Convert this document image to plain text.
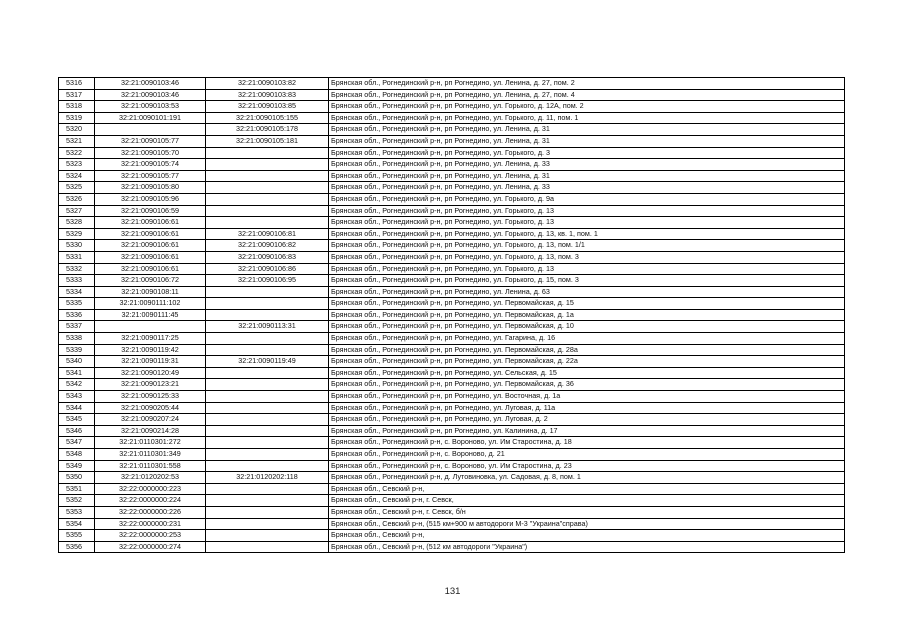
5316	32:21:0090103:46	32:21:0090103:82	Брянская обл., Рогнединский р-н, рп Рогнедино, ул. Ленина, д. 27, пом. 2
5317	32:21:0090103:46	32:21:0090103:83	Брянская обл., Рогнединский р-н, рп Рогнедино, ул. Ленина, д. 27, пом. 4
5318	32:21:0090103:53	32:21:0090103:85	Брянская обл., Рогнединский р-н, рп Рогнедино, ул. Горького, д. 12А, пом. 2
5319	32:21:0090101:191	32:21:0090105:155	Брянская обл., Рогнединский р-н, рп Рогнедино, ул. Горького, д. 11, пом. 1
5320		32:21:0090105:178	Брянская обл., Рогнединский р-н, рп Рогнедино, ул. Ленина, д. 31
5321	32:21:0090105:77	32:21:0090105:181	Брянская обл., Рогнединский р-н, рп Рогнедино, ул. Ленина, д. 31
5322	32:21:0090105:70		Брянская обл., Рогнединский р-н, рп Рогнедино, ул. Горького, д. 3
5323	32:21:0090105:74		Брянская обл., Рогнединский р-н, рп Рогнедино, ул. Ленина, д. 33
5324	32:21:0090105:77		Брянская обл., Рогнединский р-н, рп Рогнедино, ул. Ленина, д. 31
5325	32:21:0090105:80		Брянская обл., Рогнединский р-н, рп Рогнедино, ул. Ленина, д. 33
5326	32:21:0090105:96		Брянская обл., Рогнединский р-н, рп Рогнедино, ул. Горького, д. 9а
5327	32:21:0090106:59		Брянская обл., Рогнединский р-н, рп Рогнедино, ул. Горького, д. 13
5328	32:21:0090106:61		Брянская обл., Рогнединский р-н, рп Рогнедино, ул. Горького, д. 13
5329	32:21:0090106:61	32:21:0090106:81	Брянская обл., Рогнединский р-н, рп Рогнедино, ул. Горького, д. 13, кв. 1, пом. 1
5330	32:21:0090106:61	32:21:0090106:82	Брянская обл., Рогнединский р-н, рп Рогнедино, ул. Горького, д. 13, пом. 1/1
5331	32:21:0090106:61	32:21:0090106:83	Брянская обл., Рогнединский р-н, рп Рогнедино, ул. Горького, д. 13, пом. 3
5332	32:21:0090106:61	32:21:0090106:86	Брянская обл., Рогнединский р-н, рп Рогнедино, ул. Горького, д. 13
5333	32:21:0090106:72	32:21:0090106:95	Брянская обл., Рогнединский р-н, рп Рогнедино, ул. Горького, д. 15, пом. 3
5334	32:21:0090108:11		Брянская обл., Рогнединский р-н, рп Рогнедино, ул. Ленина, д. 63
5335	32:21:0090111:102		Брянская обл., Рогнединский р-н, рп Рогнедино, ул. Первомайская, д. 15
5336	32:21:0090111:45		Брянская обл., Рогнединский р-н, рп Рогнедино, ул. Первомайская, д. 1а
5337		32:21:0090113:31	Брянская обл., Рогнединский р-н, рп Рогнедино, ул. Первомайская, д. 10
5338	32:21:0090117:25		Брянская обл., Рогнединский р-н, рп Рогнедино, ул. Гагарина, д. 16
5339	32:21:0090119:42		Брянская обл., Рогнединский р-н, рп Рогнедино, ул. Первомайская, д. 28а
5340	32:21:0090119:31	32:21:0090119:49	Брянская обл., Рогнединский р-н, рп Рогнедино, ул. Первомайская, д. 22а
5341	32:21:0090120:49		Брянская обл., Рогнединский р-н, рп Рогнедино, ул. Сельская, д. 15
5342	32:21:0090123:21		Брянская обл., Рогнединский р-н, рп Рогнедино, ул. Первомайская, д. 36
5343	32:21:0090125:33		Брянская обл., Рогнединский р-н, рп Рогнедино, ул. Восточная, д. 1а
5344	32:21:0090205:44		Брянская обл., Рогнединский р-н, рп Рогнедино, ул. Луговая, д. 11а
5345	32:21:0090207:24		Брянская обл., Рогнединский р-н, рп Рогнедино, ул. Луговая, д. 2
5346	32:21:0090214:28		Брянская обл., Рогнединский р-н, рп Рогнедино, ул. Калинина, д. 17
5347	32:21:0110301:272		Брянская обл., Рогнединский р-н, с. Вороново, ул. Им Старостина, д. 18
5348	32:21:0110301:349		Брянская обл., Рогнединский р-н, с. Вороново, д. 21
5349	32:21:0110301:558		Брянская обл., Рогнединский р-н, с. Вороново, ул. Им Старостина, д. 23
5350	32:21:0120202:53	32:21:0120202:118	Брянская обл., Рогнединский р-н, д. Лутовиновка, ул. Садовая, д. 8, пом. 1
5351	32:22:0000000:223		Брянская обл., Севский р-н,
5352	32:22:0000000:224		Брянская обл., Севский р-н, г. Севск,
5353	32:22:0000000:226		Брянская обл., Севский р-н, г. Севск, б/н
5354	32:22:0000000:231		Брянская обл., Севский р-н, (515 км+900 м автодороги М-3 "Украина"справа)
5355	32:22:0000000:253		Брянская обл., Севский р-н,
5356	32:22:0000000:274		Брянская обл., Севский р-н, (512 км автодороги "Украина")
131
